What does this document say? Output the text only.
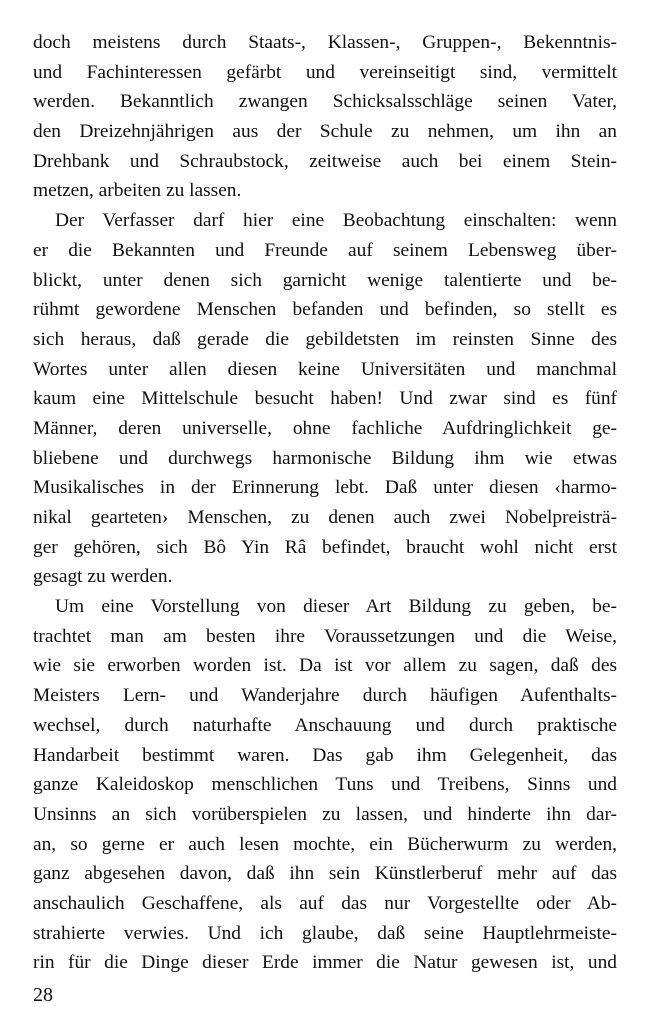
doch meistens durch Staats-, Klassen-, Gruppen-, Bekenntnis-
und Fachinteressen gefärbt und vereinseitigt sind, vermittelt
werden. Bekanntlich zwangen Schicksalsschläge seinen Vater,
den Dreizehnjährigen aus der Schule zu nehmen, um ihn an
Drehbank und Schraubstock, zeitweise auch bei einem Stein-
metzen, arbeiten zu lassen.
Der Verfasser darf hier eine Beobachtung einschalten: wenn
er die Bekannten und Freunde auf seinem Lebensweg über-
blickt, unter denen sich garnicht wenige talentierte und be-
rühmt gewordene Menschen befanden und befinden, so stellt es
sich heraus, daß gerade die gebildetsten im reinsten Sinne des
Wortes unter allen diesen keine Universitäten und manchmal
kaum eine Mittelschule besucht haben! Und zwar sind es fünf
Männer, deren universelle, ohne fachliche Aufdringlichkeit ge-
bliebene und durchwegs harmonische Bildung ihm wie etwas
Musikalisches in der Erinnerung lebt. Daß unter diesen ‹harmo-
nikal gearteten› Menschen, zu denen auch zwei Nobelpreisträ-
ger gehören, sich Bô Yin Râ befindet, braucht wohl nicht erst
gesagt zu werden.
Um eine Vorstellung von dieser Art Bildung zu geben, be-
trachtet man am besten ihre Voraussetzungen und die Weise,
wie sie erworben worden ist. Da ist vor allem zu sagen, daß des
Meisters Lern- und Wanderjahre durch häufigen Aufenthalts-
wechsel, durch naturhafte Anschauung und durch praktische
Handarbeit bestimmt waren. Das gab ihm Gelegenheit, das
ganze Kaleidoskop menschlichen Tuns und Treibens, Sinns und
Unsinns an sich vorüberspielen zu lassen, und hinderte ihn dar-
an, so gerne er auch lesen mochte, ein Bücherwurm zu werden,
ganz abgesehen davon, daß ihn sein Künstlerberuf mehr auf das
anschaulich Geschaffene, als auf das nur Vorgestellte oder Ab-
strahierte verwies. Und ich glaube, daß seine Hauptlehrmeiste-
rin für die Dinge dieser Erde immer die Natur gewesen ist, und
28
